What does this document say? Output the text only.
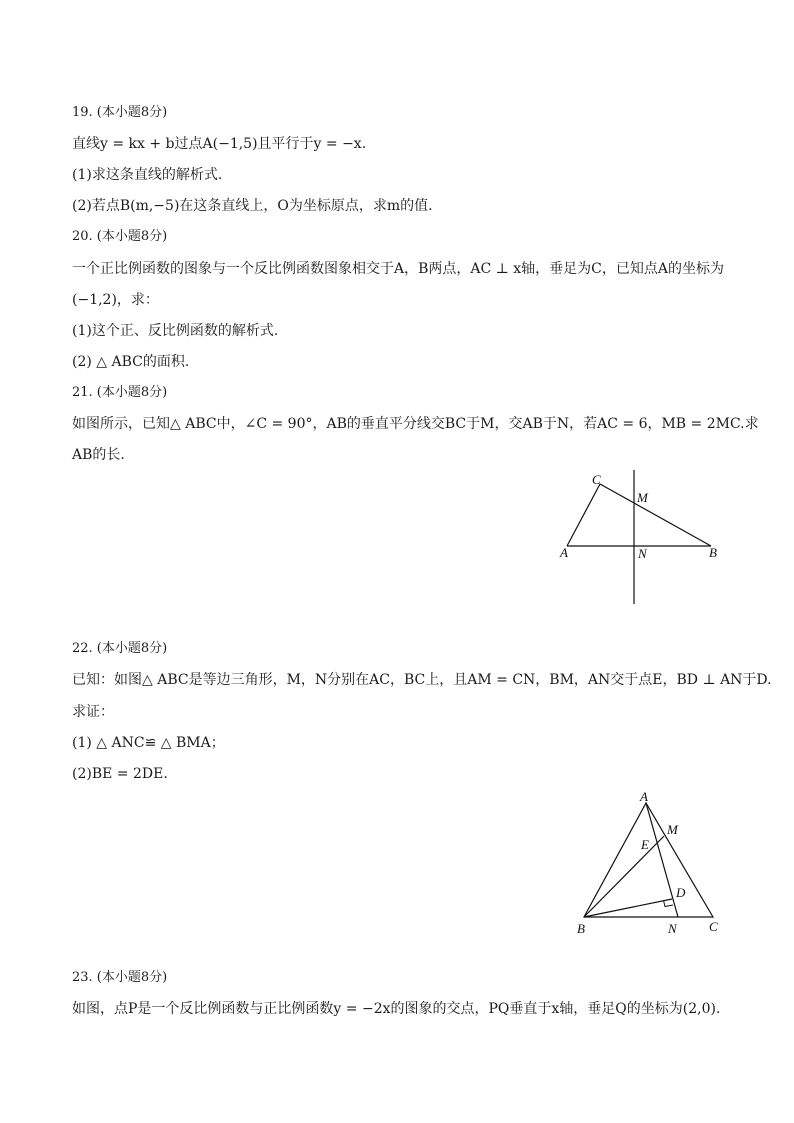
19. (本小题8分)
直线y = kx + b过点A(−1,5)且平行于y = −x.
(1)求这条直线的解析式.
(2)若点B(m,−5)在这条直线上，O为坐标原点，求m的值.
20. (本小题8分)
一个正比例函数的图象与一个反比例函数图象相交于A，B两点，AC ⊥ x轴，垂足为C，已知点A的坐标为
(−1,2)，求：
(1)这个正、反比例函数的解析式.
(2) △ ABC的面积.
21. (本小题8分)
如图所示，已知△ ABC中，∠C = 90°，AB的垂直平分线交BC于M，交AB于N，若AC = 6，MB = 2MC.求
AB的长.
C
M
A	N	B
22. (本小题8分)
已知：如图△ ABC是等边三角形，M，N分别在AC，BC上，且AM = CN，BM，AN交于点E，BD ⊥ AN于D.
求证：
(1) △ ANC≌ △ BMA；
(2)BE = 2DE.
A
M
E
D
B	N C
23. (本小题8分)
如图，点P是一个反比例函数与正比例函数y = −2x的图象的交点，PQ垂直于x轴，垂足Q的坐标为(2,0).
